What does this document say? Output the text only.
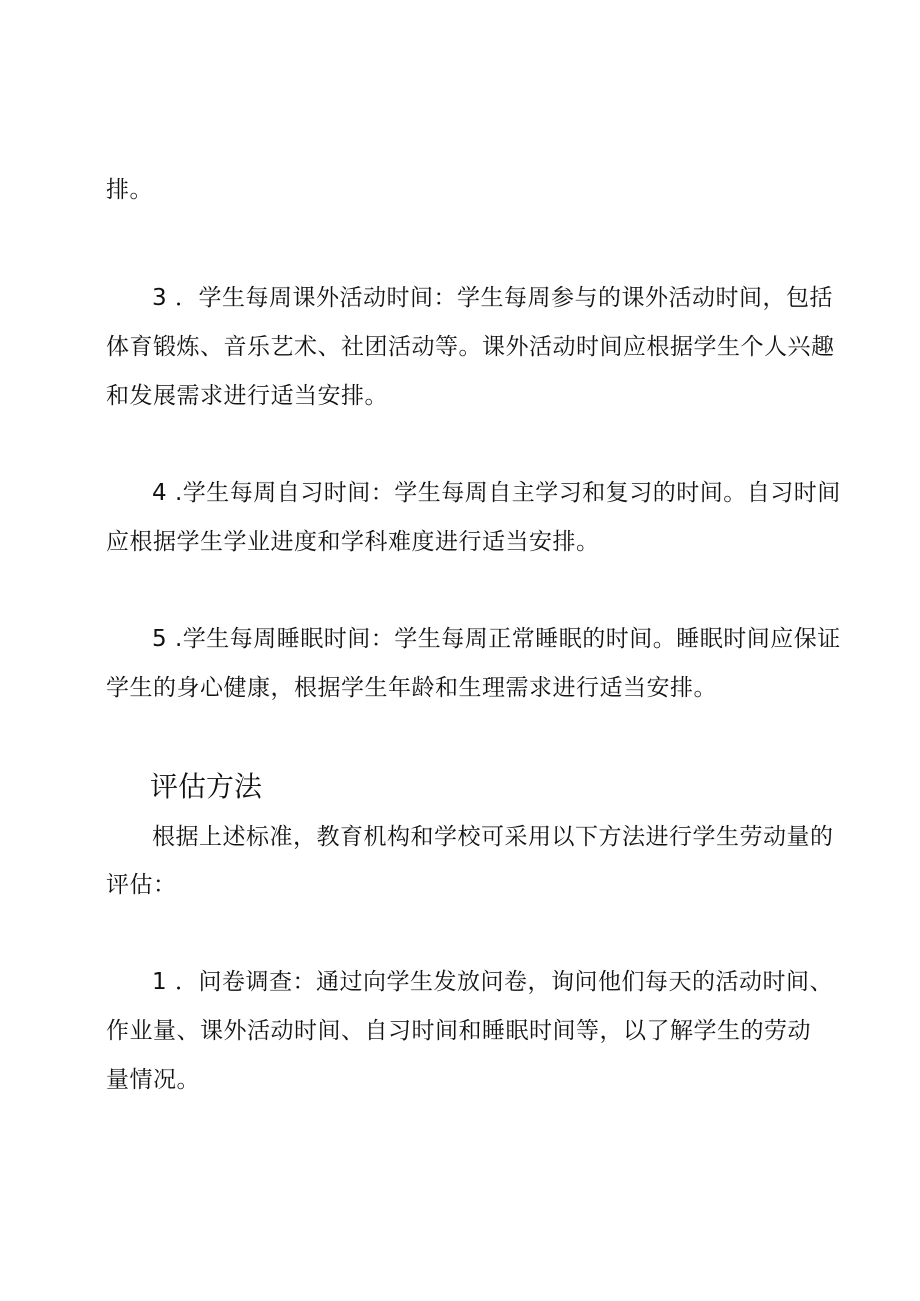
排。
3 ．学生每周课外活动时间：学生每周参与的课外活动时间，包括
体育锻炼、音乐艺术、社团活动等。课外活动时间应根据学生个人兴趣
和发展需求进行适当安排。
4 .学生每周自习时间：学生每周自主学习和复习的时间。自习时间
应根据学生学业进度和学科难度进行适当安排。
5 .学生每周睡眠时间：学生每周正常睡眠的时间。睡眠时间应保证
学生的身心健康，根据学生年龄和生理需求进行适当安排。
评估方法
根据上述标准，教育机构和学校可采用以下方法进行学生劳动量的
评估：
1 ．问卷调查：通过向学生发放问卷，询问他们每天的活动时间、
作业量、课外活动时间、自习时间和睡眠时间等，以了解学生的劳动
量情况。
